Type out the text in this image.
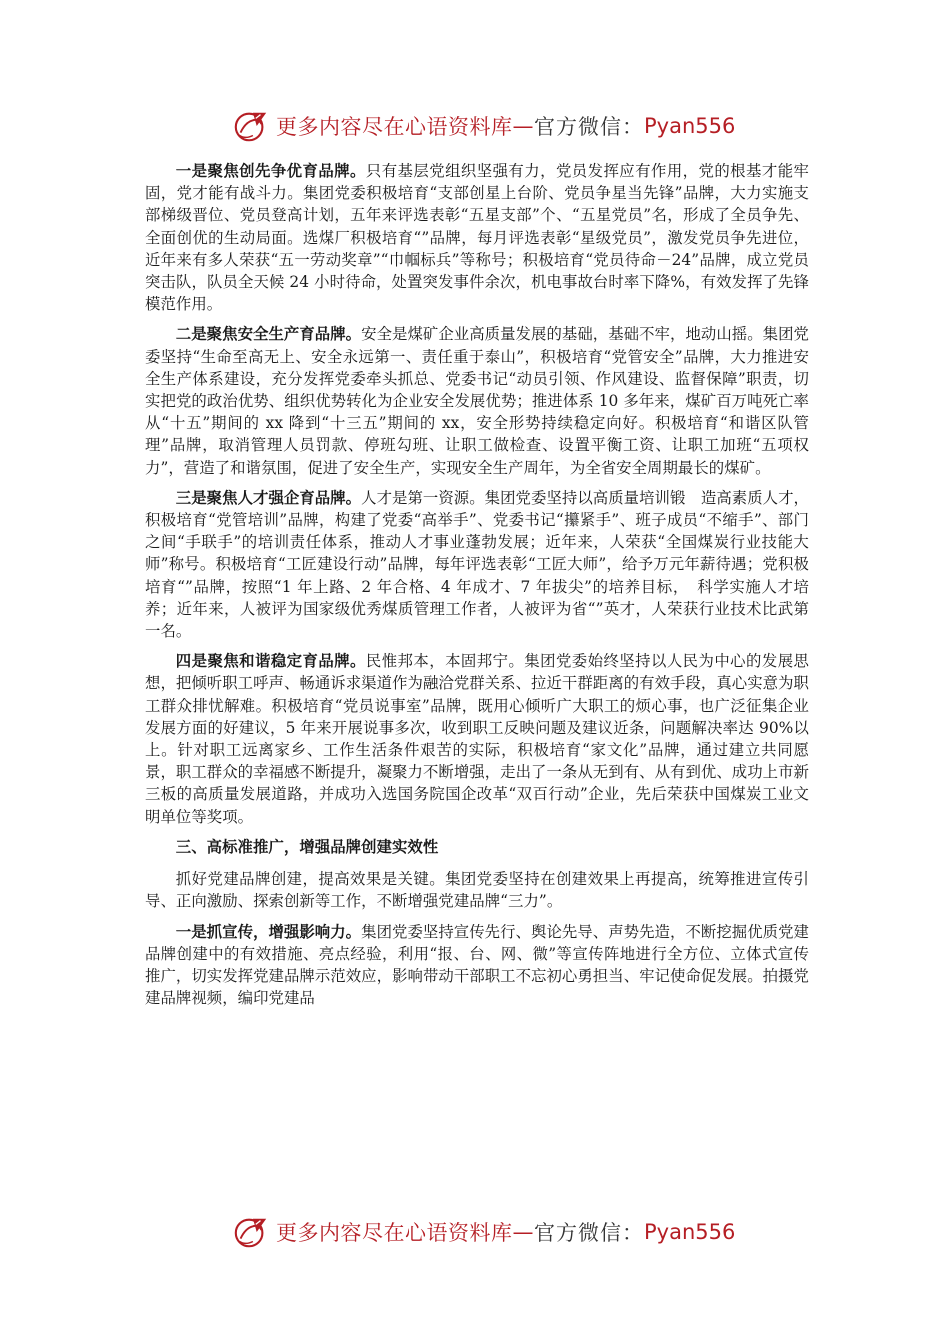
更多内容尽在心语资料库 — 官方微信： Pyan556

一是聚焦创先争优育品牌。只有基层党组织坚强有力，党员发挥应有作用，党的根基才能牢固，党才能有战斗力。集团党委积极培育“支部创星上台阶、党员争星当先锋”品牌，大力实施支部梯级晋位、党员登高计划，五年来评选表彰“五星支部”个、“五星党员”名，形成了全员争先、全面创优的生动局面。选煤厂积极培育“”品牌，每月评选表彰“星级党员”，激发党员争先进位，近年来有多人荣获“五一劳动奖章”“巾帼标兵”等称号；积极培育“党员待命－24”品牌，成立党员突击队，队员全天候 24 小时待命，处置突发事件余次，机电事故台时率下降%，有效发挥了先锋模范作用。

二是聚焦安全生产育品牌。安全是煤矿企业高质量发展的基础，基础不牢，地动山摇。集团党委坚持“生命至高无上、安全永远第一、责任重于泰山”，积极培育“党管安全”品牌，大力推进安全生产体系建设，充分发挥党委牵头抓总、党委书记“动员引领、作风建设、监督保障”职责，切实把党的政治优势、组织优势转化为企业安全发展优势；推进体系 10 多年来，煤矿百万吨死亡率从“十五”期间的 xx 降到“十三五”期间的 xx，安全形势持续稳定向好。积极培育“和谐区队管理”品牌，取消管理人员罚款、停班勾班、让职工做检查、设置平衡工资、让职工加班“五项权力”，营造了和谐氛围，促进了安全生产，实现安全生产周年，为全省安全周期最长的煤矿。

三是聚焦人才强企育品牌。人才是第一资源。集团党委坚持以高质量培训锻　造高素质人才，积极培育“党管培训”品牌，构建了党委“高举手”、党委书记“攥紧手”、班子成员“不缩手”、部门之间“手联手”的培训责任体系，推动人才事业蓬勃发展；近年来，人荣获“全国煤炭行业技能大师”称号。积极培育“工匠建设行动”品牌，每年评选表彰“工匠大师”，给予万元年薪待遇；党积极培育“”品牌，按照“1 年上路、2 年合格、4 年成才、7 年拔尖”的培养目标，　科学实施人才培养；近年来，人被评为国家级优秀煤质管理工作者，人被评为省“”英才，人荣获行业技术比武第一名。

四是聚焦和谐稳定育品牌。民惟邦本，本固邦宁。集团党委始终坚持以人民为中心的发展思想，把倾听职工呼声、畅通诉求渠道作为融洽党群关系、拉近干群距离的有效手段，真心实意为职工群众排忧解难。积极培育“党员说事室”品牌，既用心倾听广大职工的烦心事，也广泛征集企业发展方面的好建议，5 年来开展说事多次，收到职工反映问题及建议近条，问题解决率达 90%以上。针对职工远离家乡、工作生活条件艰苦的实际，积极培育“家文化”品牌，通过建立共同愿景，职工群众的幸福感不断提升，凝聚力不断增强，走出了一条从无到有、从有到优、成功上市新三板的高质量发展道路，并成功入选国务院国企改革“双百行动”企业，先后荣获中国煤炭工业文明单位等奖项。

三、高标准推广，增强品牌创建实效性

抓好党建品牌创建，提高效果是关键。集团党委坚持在创建效果上再提高，统筹推进宣传引导、正向激励、探索创新等工作，不断增强党建品牌“三力”。

一是抓宣传，增强影响力。集团党委坚持宣传先行、舆论先导、声势先造，不断挖掘优质党建品牌创建中的有效措施、亮点经验，利用“报、台、网、微”等宣传阵地进行全方位、立体式宣传推广，切实发挥党建品牌示范效应，影响带动干部职工不忘初心勇担当、牢记使命促发展。拍摄党建品牌视频，编印党建品

更多内容尽在心语资料库 — 官方微信： Pyan556
